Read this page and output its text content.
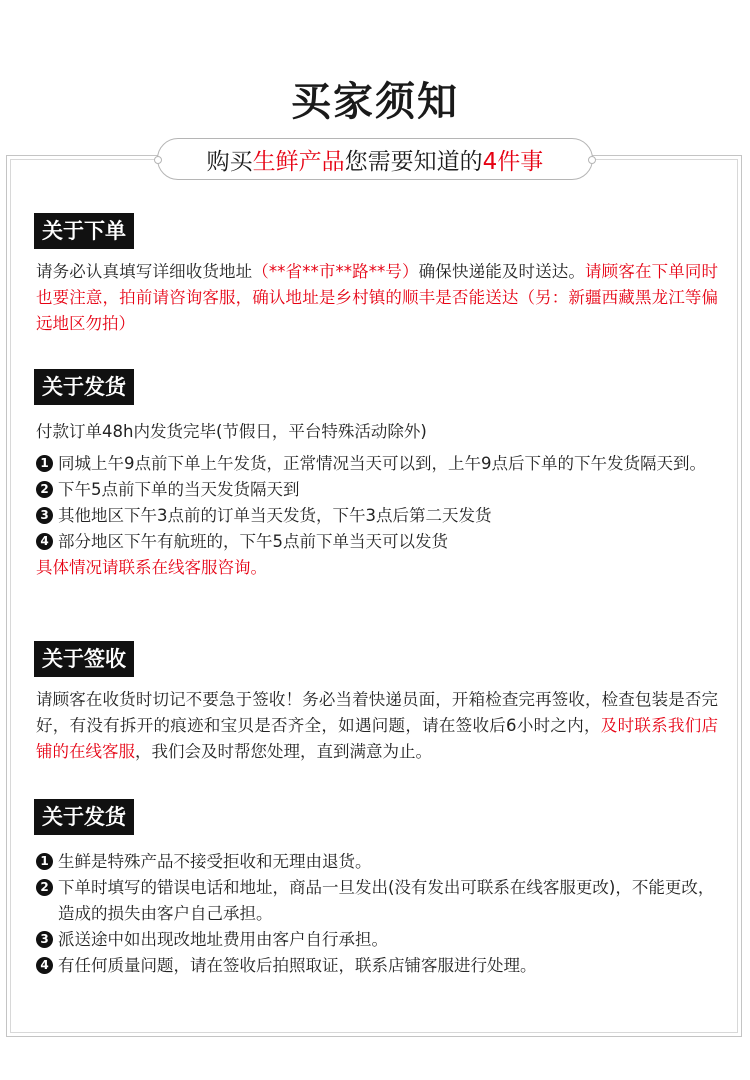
买家须知
购买 生鲜产品 您需要知道的 4件事
关于下单
请务必认真填写详细收货地址（**省**市**路**号）确保快递能及时送达。请顾客在下单同时也要注意，拍前请咨询客服，确认地址是乡村镇的顺丰是否能送达（另：新疆西藏黑龙江等偏远地区勿拍）
关于发货
付款订单48h内发货完毕(节假日，平台特殊活动除外)
1 同城上午9点前下单上午发货，正常情况当天可以到，上午9点后下单的下午发货隔天到。
2 下午5点前下单的当天发货隔天到
3 其他地区下午3点前的订单当天发货，下午3点后第二天发货
4 部分地区下午有航班的，下午5点前下单当天可以发货
具体情况请联系在线客服咨询。
关于签收
请顾客在收货时切记不要急于签收！务必当着快递员面，开箱检查完再签收，检查包装是否完好，有没有拆开的痕迹和宝贝是否齐全，如遇问题，请在签收后6小时之内，及时联系我们店铺的在线客服，我们会及时帮您处理，直到满意为止。
关于发货
1 生鲜是特殊产品不接受拒收和无理由退货。
2 下单时填写的错误电话和地址，商品一旦发出(没有发出可联系在线客服更改)，不能更改，造成的损失由客户自己承担。
3 派送途中如出现改地址费用由客户自行承担。
4 有任何质量问题，请在签收后拍照取证，联系店铺客服进行处理。
